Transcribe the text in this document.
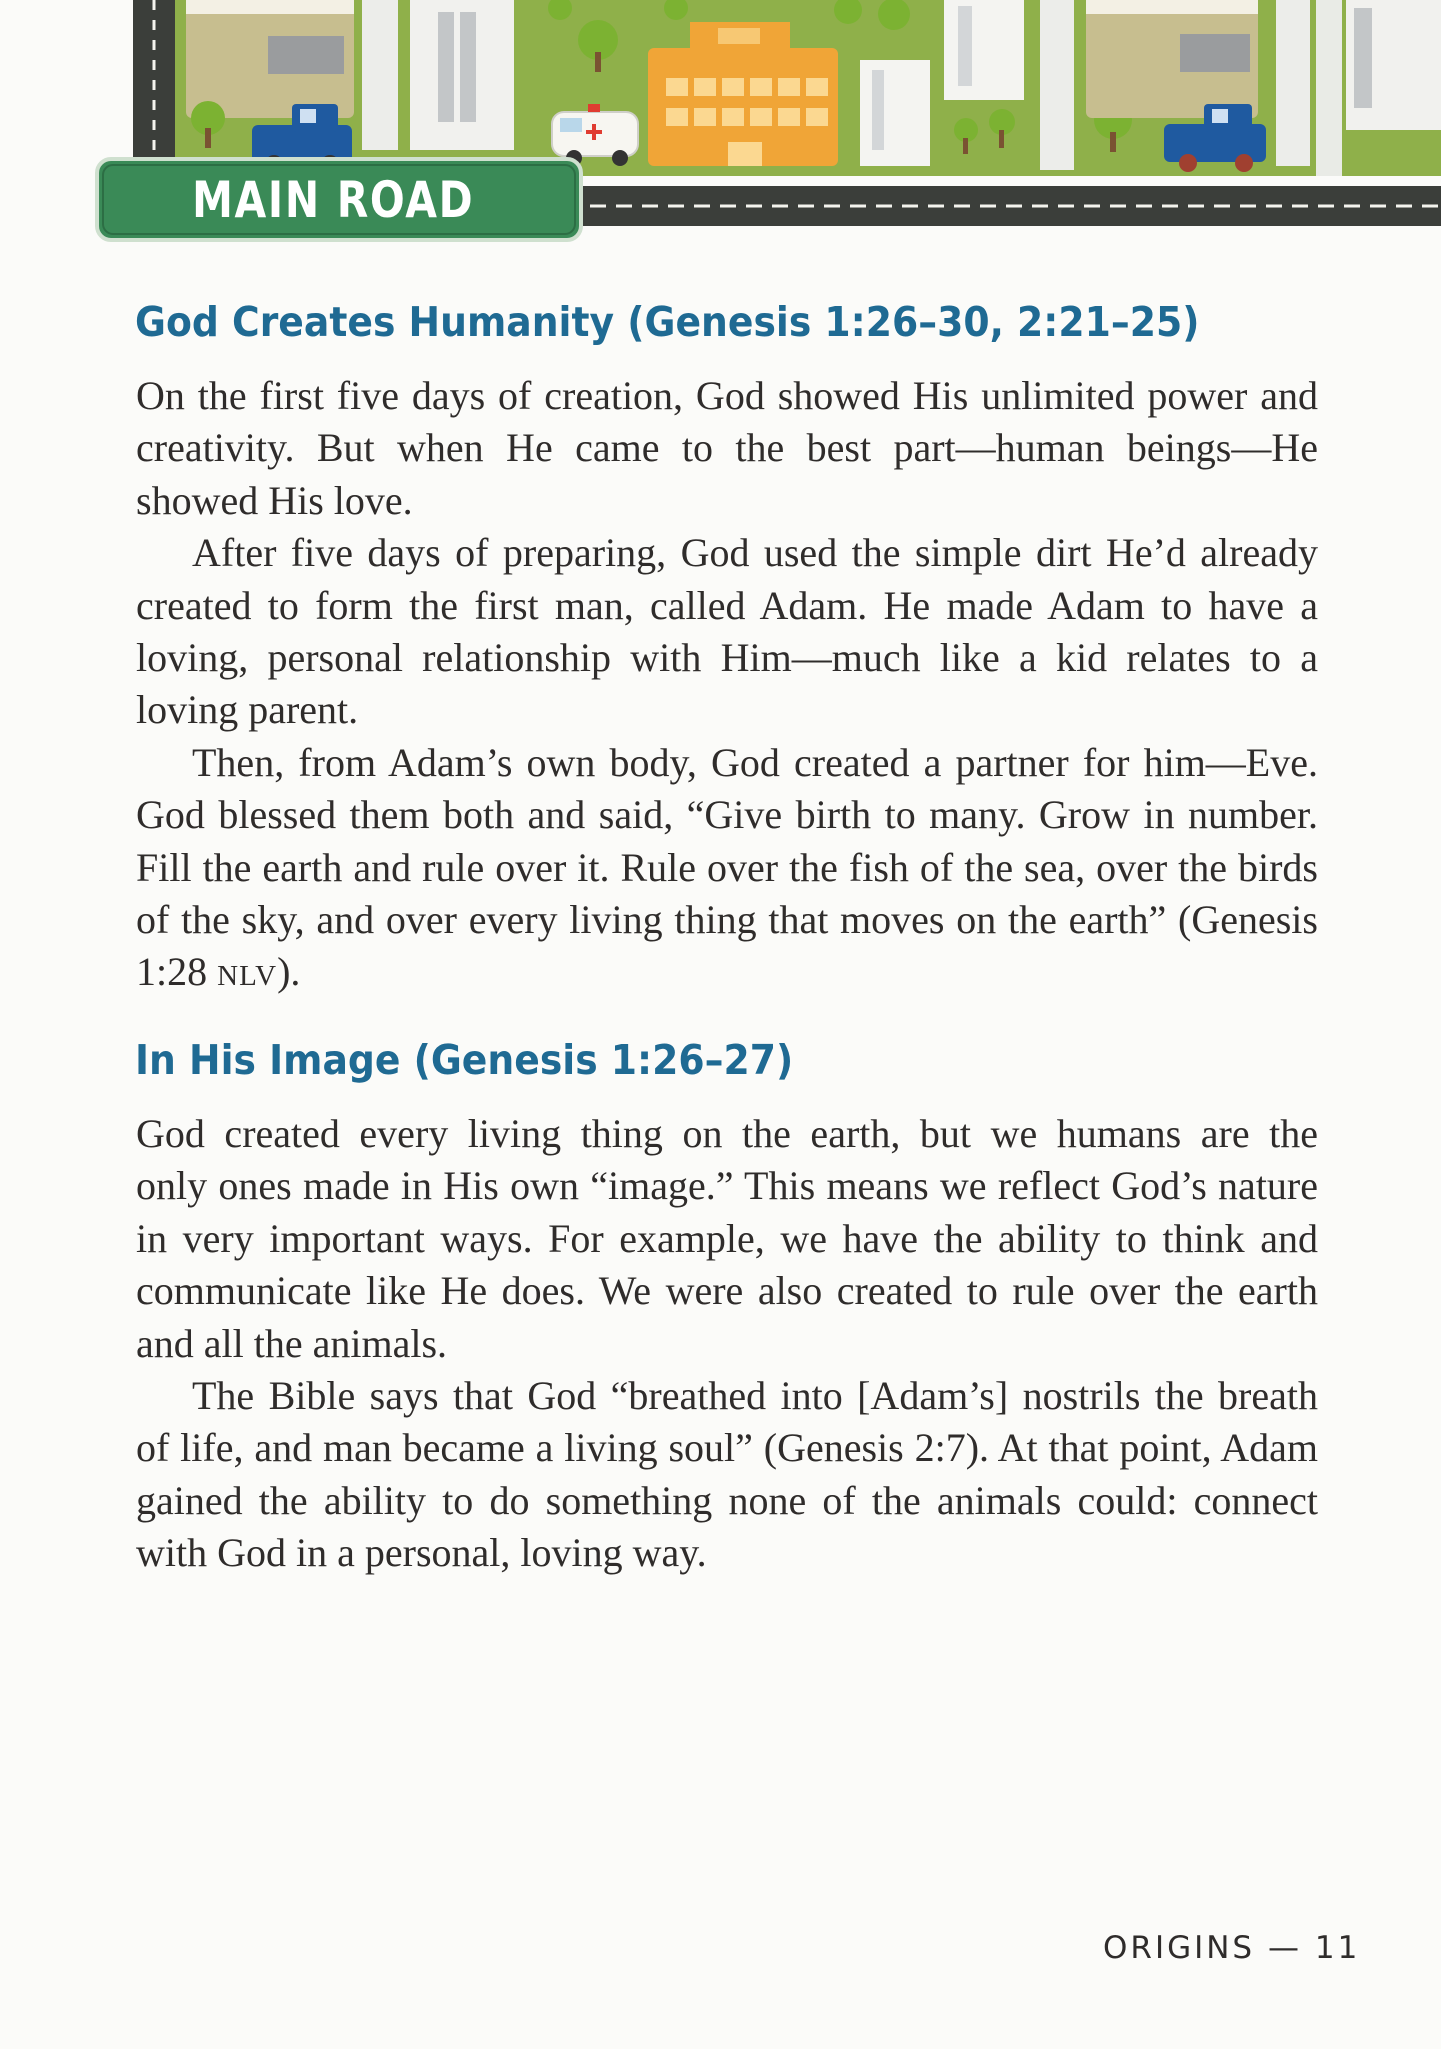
MAIN ROAD
God Creates Humanity (Genesis 1:26–30, 2:21–25)

On the first five days of creation, God showed His unlimited power and

creativity. But when He came to the best part—human beings—He

showed His love.

After five days of preparing, God used the simple dirt He’d already

created to form the first man, called Adam. He made Adam to have a

loving, personal relationship with Him—much like a kid relates to a

loving parent.

Then, from Adam’s own body, God created a partner for him—Eve.

God blessed them both and said, “Give birth to many. Grow in number.

Fill the earth and rule over it. Rule over the fish of the sea, over the birds

of the sky, and over every living thing that moves on the earth” (Genesis

1:28 NLV).

In His Image (Genesis 1:26–27)

God created every living thing on the earth, but we humans are the

only ones made in His own “image.” This means we reflect God’s nature

in very important ways. For example, we have the ability to think and

communicate like He does. We were also created to rule over the earth

and all the animals.

The Bible says that God “breathed into [Adam’s] nostrils the breath

of life, and man became a living soul” (Genesis 2:7). At that point, Adam

gained the ability to do something none of the animals could: connect

with God in a personal, loving way.

ORIGINS — 11
